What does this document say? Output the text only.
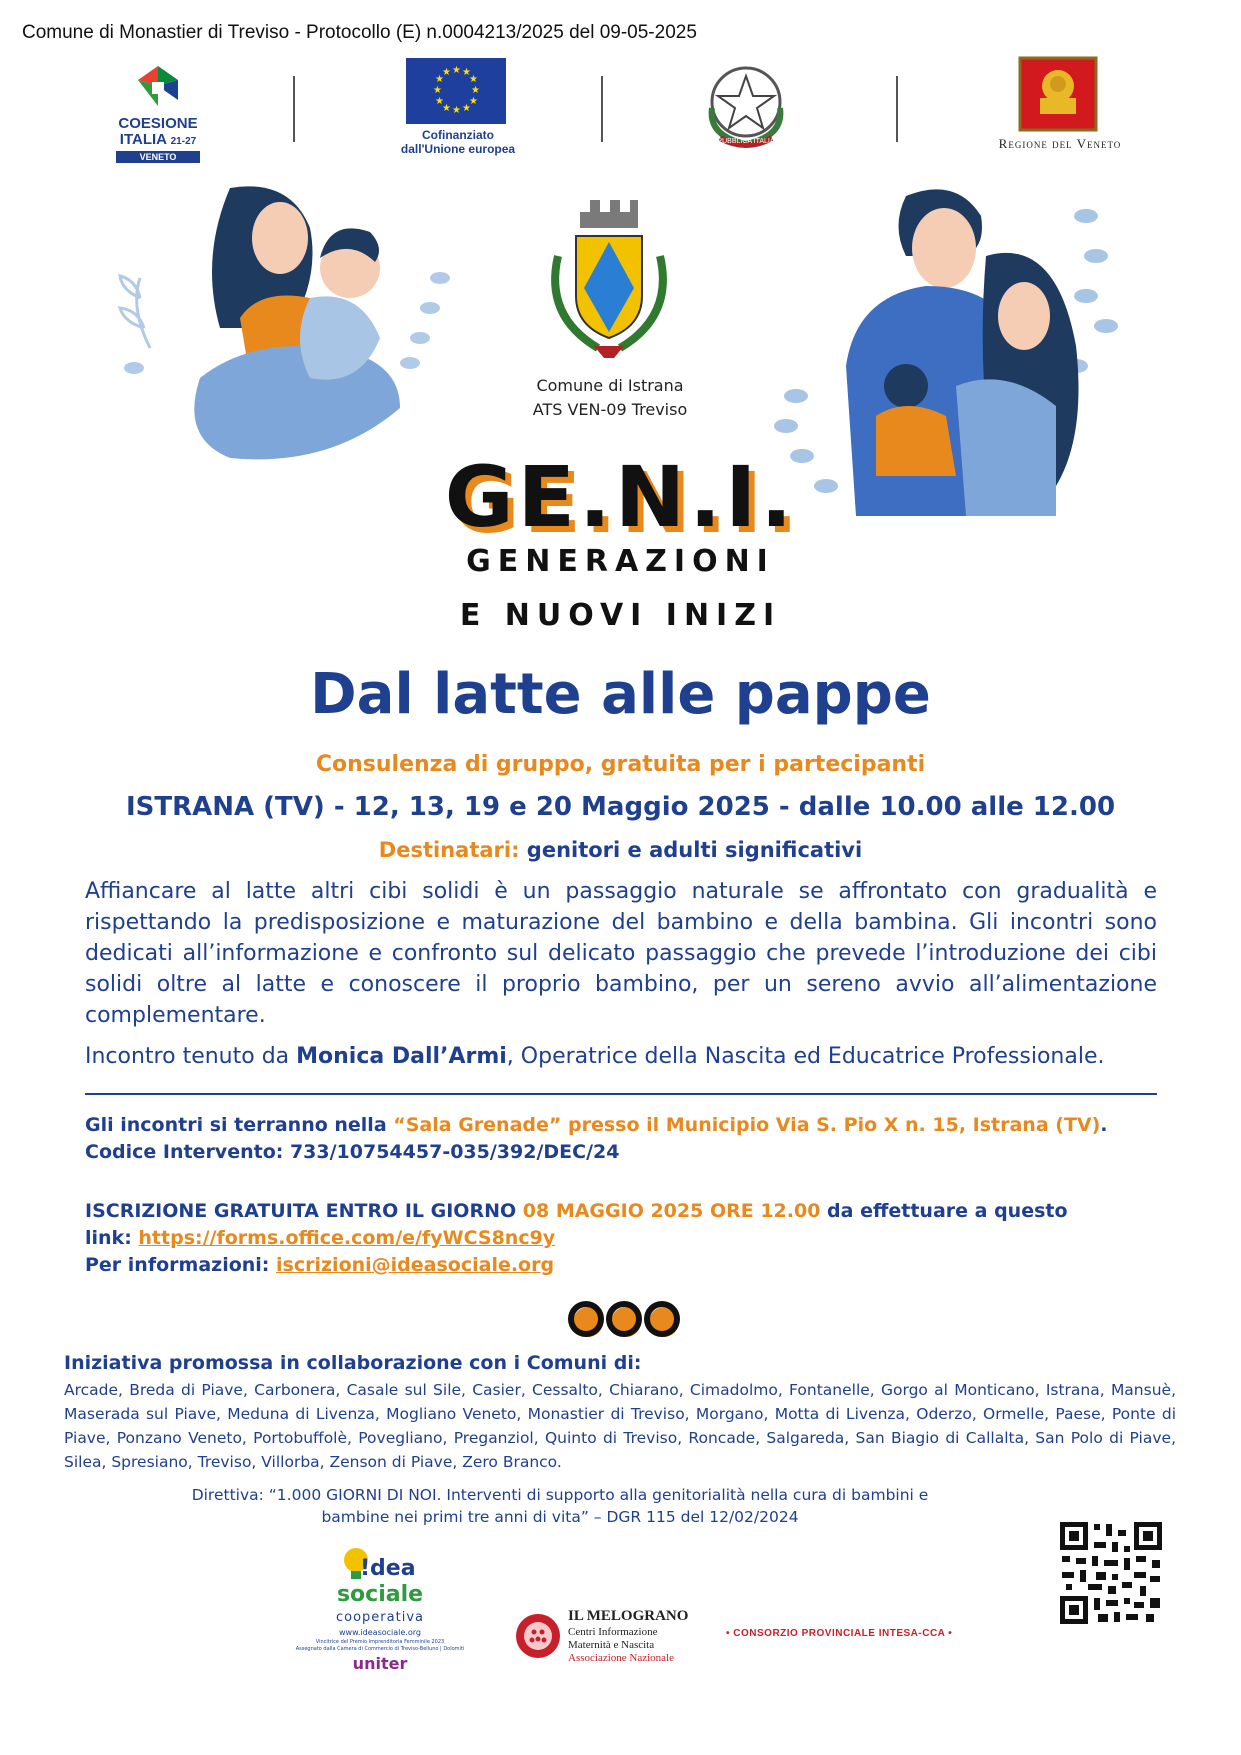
Comune di Monastier di Treviso - Protocollo (E) n.0004213/2025 del 09-05-2025
COESIONE
ITALIA 21-27
VENETO
★ ★
★
★
★
★
★
★
★
★
★
★
Cofinanziato
dall'Unione europea
REPUBBLICA ITALIANA	Regione del Veneto
Comune di Istrana
ATS VEN-09 Treviso
GE.N.I.
GENERAZIONI
E NUOVI INIZI
Dal latte alle pappe
Consulenza di gruppo, gratuita per i partecipanti
ISTRANA (TV) - 12, 13, 19 e 20 Maggio 2025 - dalle 10.00 alle 12.00
Destinatari: genitori e adulti significativi
Affiancare al latte altri cibi solidi è un passaggio naturale se affrontato con gradualità e rispettando la predisposizione e maturazione del bambino e della bambina. Gli incontri sono dedicati all’informazione e confronto sul delicato passaggio che prevede l’introduzione dei cibi solidi oltre al latte e conoscere il proprio bambino, per un sereno avvio all’alimentazione complementare.
Incontro tenuto da Monica Dall’Armi, Operatrice della Nascita ed Educatrice Professionale.
Gli incontri si terranno nella “Sala Grenade” presso il Municipio Via S. Pio X n. 15, Istrana (TV).
Codice Intervento: 733/10754457-035/392/DEC/24
ISCRIZIONE GRATUITA ENTRO IL GIORNO 08 MAGGIO 2025 ORE 12.00 da effettuare a questo
link: https://forms.office.com/e/fyWCS8nc9y
Per informazioni: iscrizioni@ideasociale.org
Iniziativa promossa in collaborazione con i Comuni di:
Arcade, Breda di Piave, Carbonera, Casale sul Sile, Casier, Cessalto, Chiarano, Cimadolmo, Fontanelle, Gorgo al Monticano, Istrana, Mansuè, Maserada sul Piave, Meduna di Livenza, Mogliano Veneto, Monastier di Treviso, Morgano, Motta di Livenza, Oderzo, Ormelle, Paese, Ponte di Piave, Ponzano Veneto, Portobuffolè, Povegliano, Preganziol, Quinto di Treviso, Roncade, Salgareda, San Biagio di Callalta, San Polo di Piave, Silea, Spresiano, Treviso, Villorba, Zenson di Piave, Zero Branco.
Direttiva: “1.000 GIORNI DI NOI. Interventi di supporto alla genitorialità nella cura di bambini e
bambine nei primi tre anni di vita” – DGR 115 del 12/02/2024
!dea
sociale
cooperativa
www.ideasociale.org
Vincitrice del Premio Imprenditoria Femminile 2023
Assegnato dalla Camera di Commercio di Treviso-Belluno | Dolomiti
uniter
IL MELOGRANO
Centri Informazione
Maternità e Nascita
Associazione Nazionale
• CONSORZIO PROVINCIALE INTESA-CCA •
